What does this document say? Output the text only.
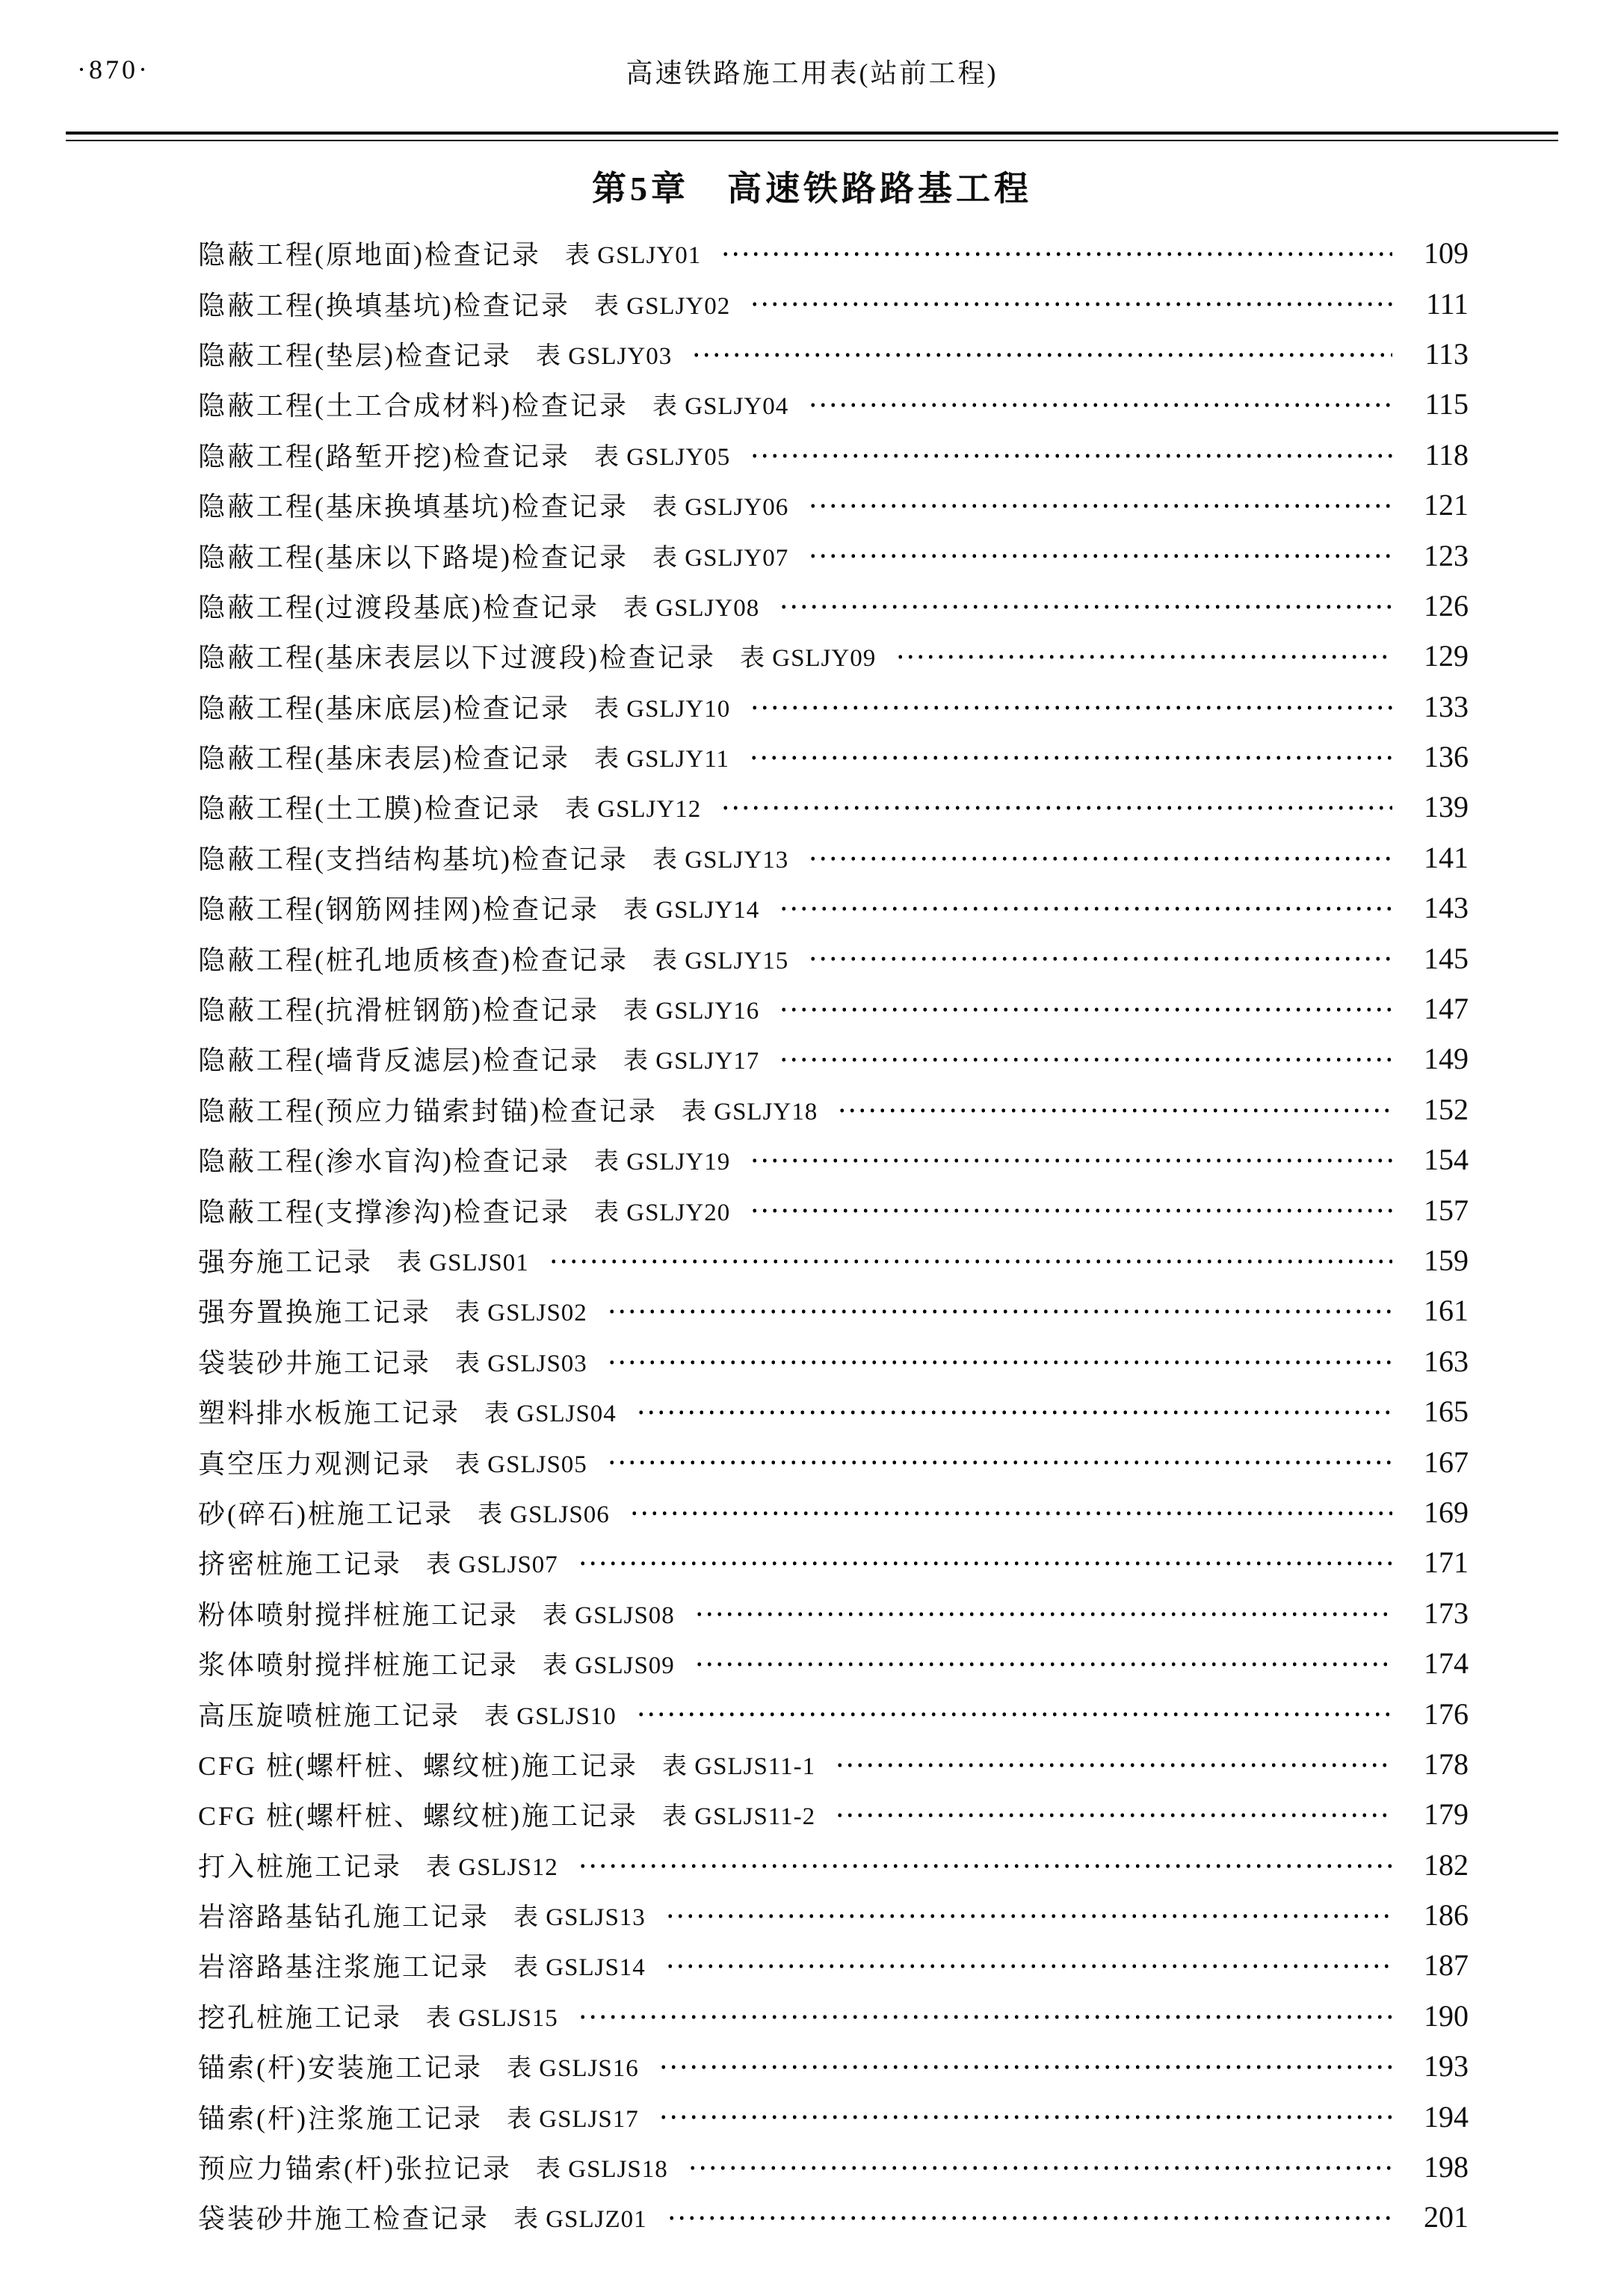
·870·	高速铁路施工用表(站前工程)
第5章　高速铁路路基工程
隐蔽工程(原地面)检查记录 表 GSLJY01	109
隐蔽工程(换填基坑)检查记录 表 GSLJY02	111
隐蔽工程(垫层)检查记录 表 GSLJY03	113
隐蔽工程(土工合成材料)检查记录 表 GSLJY04	115
隐蔽工程(路堑开挖)检查记录 表 GSLJY05	118
隐蔽工程(基床换填基坑)检查记录 表 GSLJY06	121
隐蔽工程(基床以下路堤)检查记录 表 GSLJY07	123
隐蔽工程(过渡段基底)检查记录 表 GSLJY08	126
隐蔽工程(基床表层以下过渡段)检查记录 表 GSLJY09	129
隐蔽工程(基床底层)检查记录 表 GSLJY10	133
隐蔽工程(基床表层)检查记录 表 GSLJY11	136
隐蔽工程(土工膜)检查记录 表 GSLJY12	139
隐蔽工程(支挡结构基坑)检查记录 表 GSLJY13	141
隐蔽工程(钢筋网挂网)检查记录 表 GSLJY14	143
隐蔽工程(桩孔地质核查)检查记录 表 GSLJY15	145
隐蔽工程(抗滑桩钢筋)检查记录 表 GSLJY16	147
隐蔽工程(墙背反滤层)检查记录 表 GSLJY17	149
隐蔽工程(预应力锚索封锚)检查记录 表 GSLJY18	152
隐蔽工程(渗水盲沟)检查记录 表 GSLJY19	154
隐蔽工程(支撑渗沟)检查记录 表 GSLJY20	157
强夯施工记录 表 GSLJS01	159
强夯置换施工记录 表 GSLJS02	161
袋装砂井施工记录 表 GSLJS03	163
塑料排水板施工记录 表 GSLJS04	165
真空压力观测记录 表 GSLJS05	167
砂(碎石)桩施工记录 表 GSLJS06	169
挤密桩施工记录 表 GSLJS07	171
粉体喷射搅拌桩施工记录 表 GSLJS08	173
浆体喷射搅拌桩施工记录 表 GSLJS09	174
高压旋喷桩施工记录 表 GSLJS10	176
CFG 桩(螺杆桩、螺纹桩)施工记录 表 GSLJS11-1	178
CFG 桩(螺杆桩、螺纹桩)施工记录 表 GSLJS11-2	179
打入桩施工记录 表 GSLJS12	182
岩溶路基钻孔施工记录 表 GSLJS13	186
岩溶路基注浆施工记录 表 GSLJS14	187
挖孔桩施工记录 表 GSLJS15	190
锚索(杆)安装施工记录 表 GSLJS16	193
锚索(杆)注浆施工记录 表 GSLJS17	194
预应力锚索(杆)张拉记录 表 GSLJS18	198
袋装砂井施工检查记录 表 GSLJZ01	201
